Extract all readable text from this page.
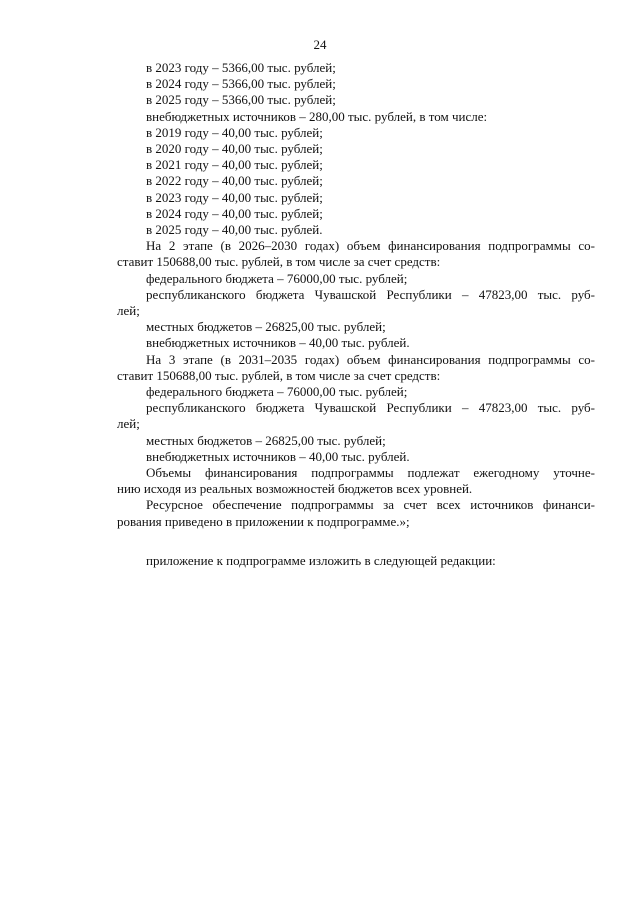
24

в 2023 году – 5366,00 тыс. рублей;

в 2024 году – 5366,00 тыс. рублей;

в 2025 году – 5366,00 тыс. рублей;

внебюджетных источников – 280,00 тыс. рублей, в том числе:

в 2019 году – 40,00 тыс. рублей;

в 2020 году – 40,00 тыс. рублей;

в 2021 году – 40,00 тыс. рублей;

в 2022 году – 40,00 тыс. рублей;

в 2023 году – 40,00 тыс. рублей;

в 2024 году – 40,00 тыс. рублей;

в 2025 году – 40,00 тыс. рублей.

На 2 этапе (в 2026–2030 годах) объем финансирования подпрограммы со-

ставит 150688,00 тыс. рублей, в том числе за счет средств:

федерального бюджета – 76000,00 тыс. рублей;

республиканского бюджета Чувашской Республики – 47823,00 тыс. руб-

лей;

местных бюджетов – 26825,00 тыс. рублей;

внебюджетных источников – 40,00 тыс. рублей.

На 3 этапе (в 2031–2035 годах) объем финансирования подпрограммы со-

ставит 150688,00 тыс. рублей, в том числе за счет средств:

федерального бюджета – 76000,00 тыс. рублей;

республиканского бюджета Чувашской Республики – 47823,00 тыс. руб-

лей;

местных бюджетов – 26825,00 тыс. рублей;

внебюджетных источников – 40,00 тыс. рублей.

Объемы финансирования подпрограммы подлежат ежегодному уточне-

нию исходя из реальных возможностей бюджетов всех уровней.

Ресурсное обеспечение подпрограммы за счет всех источников финанси-

рования приведено в приложении к подпрограмме.»;

приложение к подпрограмме изложить в следующей редакции:
